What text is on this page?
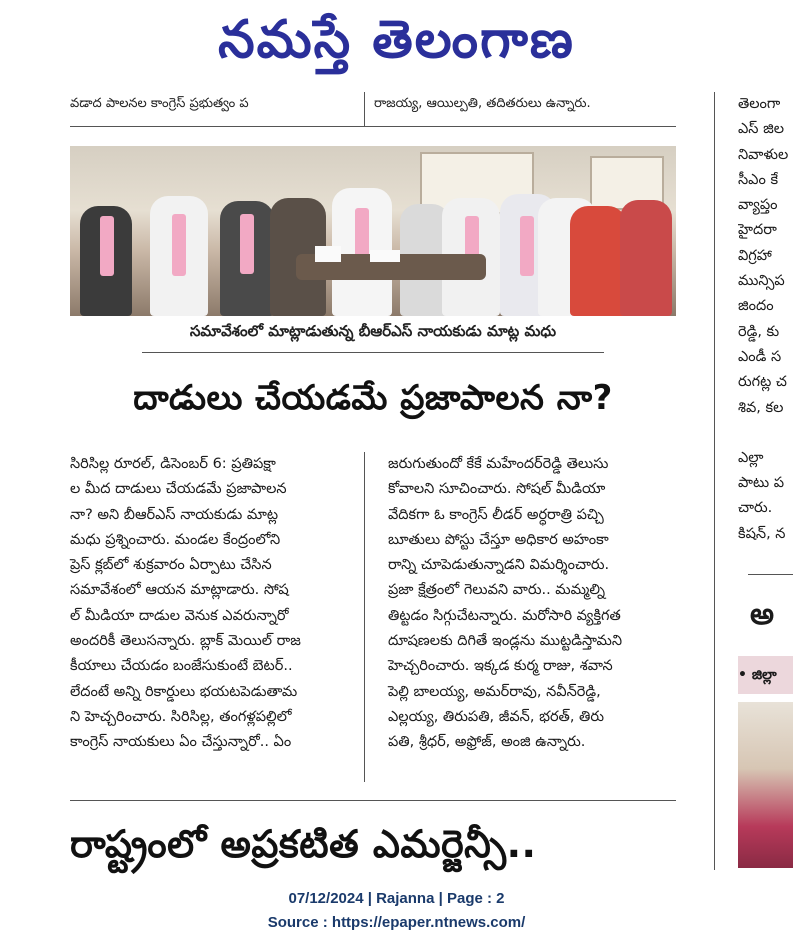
నమస్తే తెలంగాణ
వడాద పాలనల కాంగ్రెస్ ప్రభుత్వం ప	రాజయ్య, ఆయిల్పతి, తదితరులు ఉన్నారు.
సమావేశంలో మాట్లాడుతున్న బీఆర్ఎస్ నాయకుడు మాట్ల మధు
దాడులు చేయడమే ప్రజాపాలన నా?
సిరిసిల్ల రూరల్, డిసెంబర్ 6: ప్రతిపక్షా
ల మీద దాడులు చేయడమే ప్రజాపాలన
నా? అని బీఆర్ఎస్ నాయకుడు మాట్ల
మధు ప్రశ్నించారు. మండల కేంద్రంలోని
ప్రెస్ క్లబ్‌లో శుక్రవారం ఏర్పాటు చేసిన
సమావేశంలో ఆయన మాట్లాడారు. సోష
ల్ మీడియా దాడుల వెనుక ఎవరున్నారో
అందరికీ తెలుసన్నారు. బ్లాక్ మెయిల్ రాజ
కీయాలు చేయడం బంజేసుకుంటే బెటర్..
లేదంటే అన్ని రికార్డులు భయటపెడుతామ
ని హెచ్చరించారు. సిరిసిల్ల, తంగళ్లపల్లిలో
కాంగ్రెస్ నాయకులు ఏం చేస్తున్నారో.. ఏం
జరుగుతుందో కేకే మహేందర్‌రెడ్డి తెలుసు
కోవాలని సూచించారు. సోషల్ మీడియా
వేదికగా ఓ కాంగ్రెస్ లీడర్ అర్ధరాత్రి పచ్చి
బూతులు పోస్టు చేస్తూ అధికార అహంకా
రాన్ని చూపెడుతున్నాడని విమర్శించారు.
ప్రజా క్షేత్రంలో గెలువని వారు.. మమ్మల్ని
తిట్టడం సిగ్గుచేటన్నారు. మరోసారి వ్యక్తిగత
దూషణలకు దిగితే ఇండ్లను ముట్టడిస్తామని
హెచ్చరించారు. ఇక్కడ కుర్మ రాజు, శవాన
పెల్లి బాలయ్య, అమర్‌రావు, నవీన్‌రెడ్డి,
ఎల్లయ్య, తిరుపతి, జీవన్, భరత్, తిరు
పతి, శ్రీధర్, అఫ్రోజ్, అంజి ఉన్నారు.
రాష్ట్రంలో అప్రకటిత ఎమర్జెన్సీ..
తెలంగా
ఎస్ జిల
నివాళుల
సీఎం కే
వ్యాప్తం
హైదరా
విగ్రహా
మున్సిప
జిందం
రెడ్డి, కు
ఎండీ స
రుగట్ల చ
శివ, కల
ఎల్లా
పాటు ప
చారు.
కిషన్, న
అ
• జిల్లా
07/12/2024 | Rajanna | Page : 2
Source : https://epaper.ntnews.com/
